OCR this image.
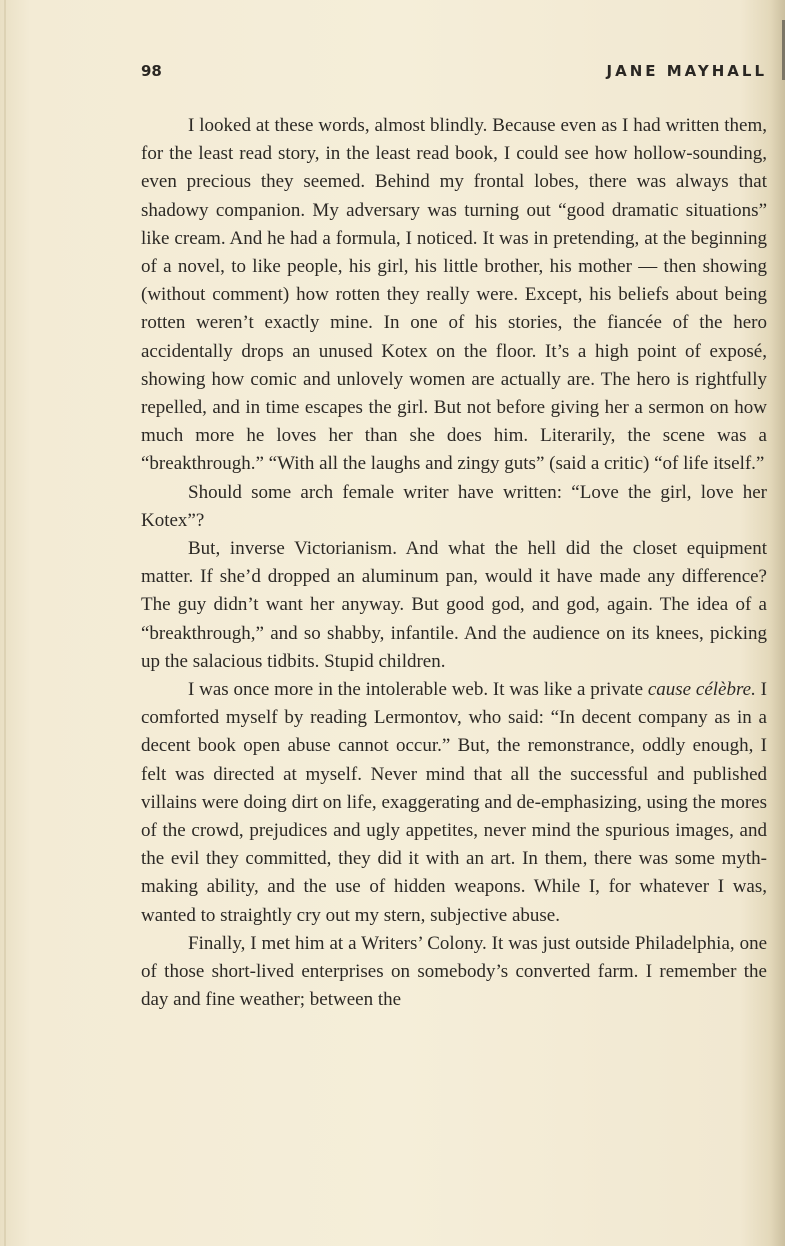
98	JANE MAYHALL

I looked at these words, almost blindly. Because even as I had written them, for the least read story, in the least read book, I could see how hollow-sounding, even precious they seemed. Behind my frontal lobes, there was always that shadowy companion. My adversary was turning out “good dramatic situations” like cream. And he had a formula, I noticed. It was in pretending, at the beginning of a novel, to like people, his girl, his little brother, his mother — then showing (without comment) how rotten they really were. Except, his beliefs about being rotten weren’t exactly mine. In one of his stories, the fiancée of the hero accidentally drops an unused Kotex on the floor. It’s a high point of exposé, showing how comic and unlovely women are actually are. The hero is rightfully repelled, and in time escapes the girl. But not before giving her a sermon on how much more he loves her than she does him. Literarily, the scene was a “breakthrough.” “With all the laughs and zingy guts” (said a critic) “of life itself.”

Should some arch female writer have written: “Love the girl, love her Kotex”?

But, inverse Victorianism. And what the hell did the closet equipment matter. If she’d dropped an aluminum pan, would it have made any difference? The guy didn’t want her anyway. But good god, and god, again. The idea of a “breakthrough,” and so shabby, infantile. And the audience on its knees, picking up the salacious tidbits. Stupid children.

I was once more in the intolerable web. It was like a private cause célèbre. I comforted myself by reading Lermontov, who said: “In decent company as in a decent book open abuse cannot occur.” But, the remonstrance, oddly enough, I felt was directed at myself. Never mind that all the successful and published villains were doing dirt on life, exaggerating and de-emphasizing, using the mores of the crowd, prejudices and ugly appetites, never mind the spurious images, and the evil they committed, they did it with an art. In them, there was some myth-making ability, and the use of hidden weapons. While I, for whatever I was, wanted to straightly cry out my stern, subjective abuse.

Finally, I met him at a Writers’ Colony. It was just outside Philadelphia, one of those short-lived enterprises on somebody’s converted farm. I remember the day and fine weather; between the
